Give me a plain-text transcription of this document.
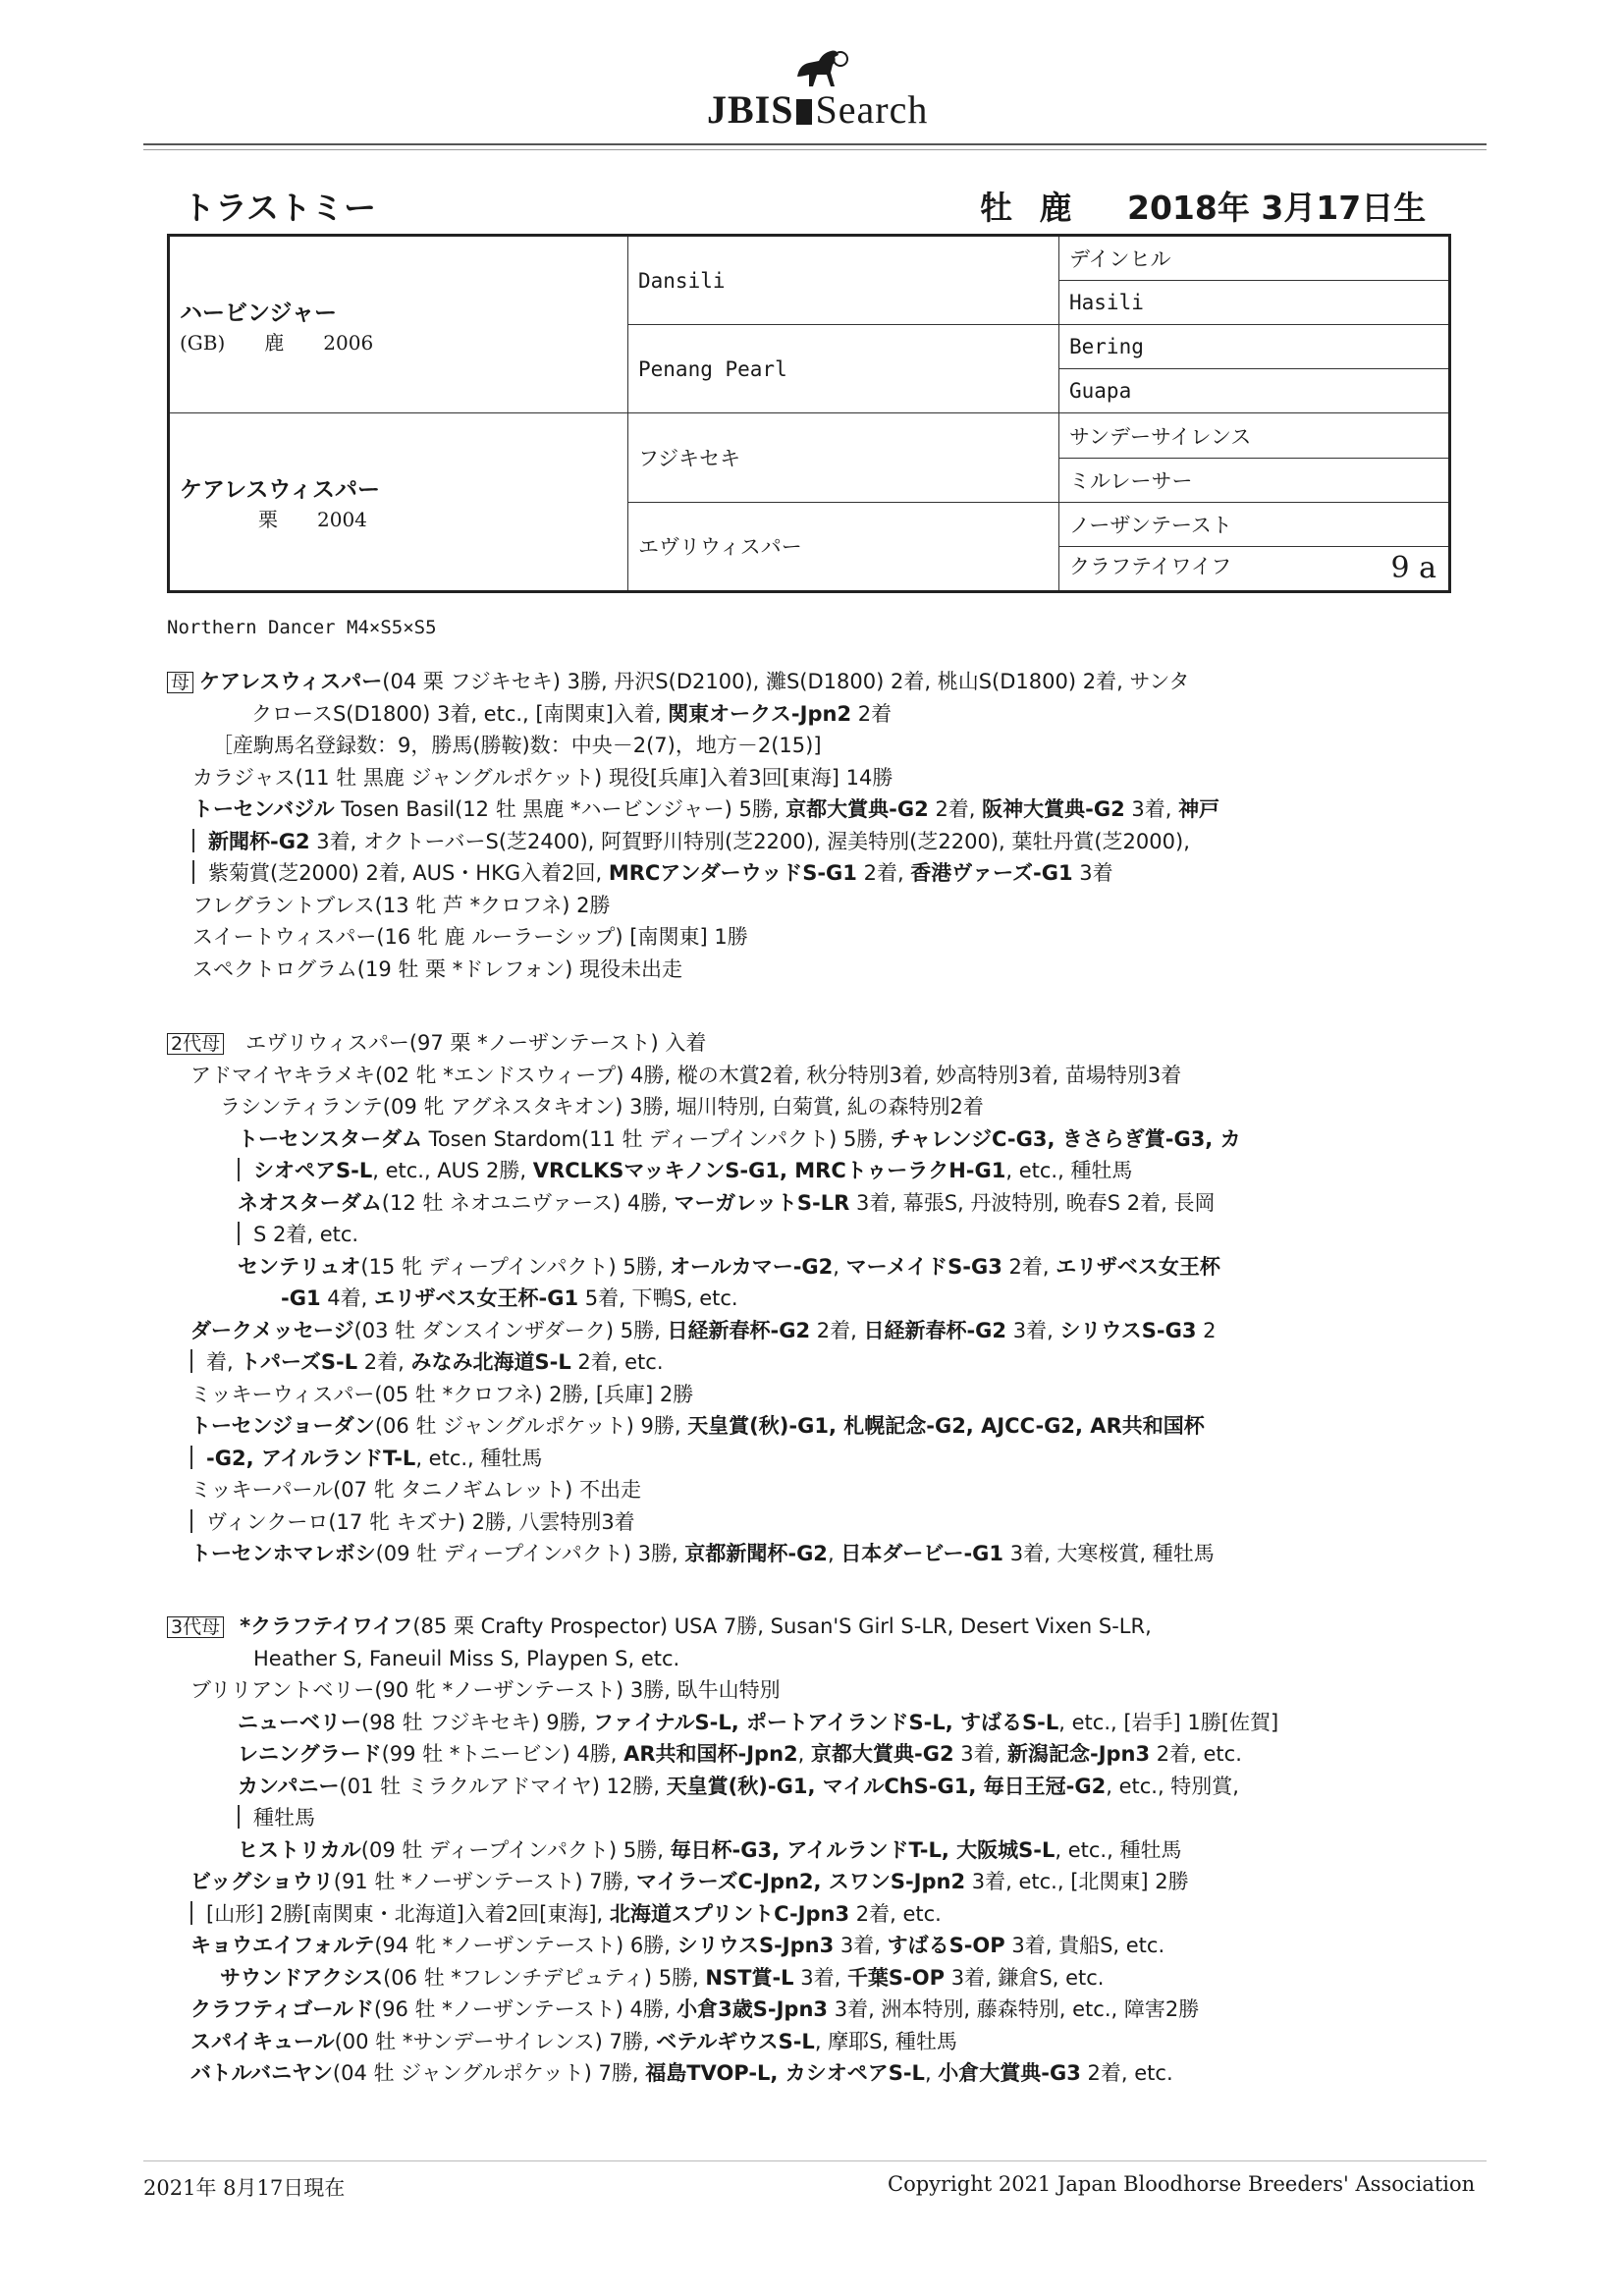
JBIS Search
トラストミー	牡 鹿 2018年 3月17日生
ハービンジャー
(GB)　　鹿　　2006	Dansili	デインヒル
		Hasili
	Penang Pearl	Bering
		Guapa

ケアレスウィスパー
　　　　栗　　2004	フジキセキ	サンデーサイレンス
		ミルレーサー
	エヴリウィスパー	ノーザンテースト
		クラフテイワイフ 9 a
Northern Dancer M4×S5×S5
母 ケアレスウィスパー(04 栗 フジキセキ) 3勝, 丹沢S(D2100), 灘S(D1800) 2着, 桃山S(D1800) 2着, サンタ
クロースS(D1800) 3着, etc., [南関東]入着, 関東オークス-Jpn2 2着
［産駒馬名登録数：9，勝馬(勝鞍)数：中央－2(7)，地方－2(15)]
カラジャス(11 牡 黒鹿 ジャングルポケット) 現役[兵庫]入着3回[東海] 14勝
トーセンバジル Tosen Basil(12 牡 黒鹿 *ハービンジャー) 5勝, 京都大賞典-G2 2着, 阪神大賞典-G2 3着, 神戸
新聞杯-G2 3着, オクトーバーS(芝2400), 阿賀野川特別(芝2200), 渥美特別(芝2200), 葉牡丹賞(芝2000),
紫菊賞(芝2000) 2着, AUS・HKG入着2回, MRCアンダーウッドS-G1 2着, 香港ヴァーズ-G1 3着
フレグラントブレス(13 牝 芦 *クロフネ) 2勝
スイートウィスパー(16 牝 鹿 ルーラーシップ) [南関東] 1勝
スペクトログラム(19 牡 栗 *ドレフォン) 現役未出走
2代母 エヴリウィスパー(97 栗 *ノーザンテースト) 入着
アドマイヤキラメキ(02 牝 *エンドスウィープ) 4勝, 樅の木賞2着, 秋分特別3着, 妙高特別3着, 苗場特別3着
ラシンティランテ(09 牝 アグネスタキオン) 3勝, 堀川特別, 白菊賞, 糺の森特別2着
トーセンスターダム Tosen Stardom(11 牡 ディープインパクト) 5勝, チャレンジC-G3, きさらぎ賞-G3, カ
シオペアS-L, etc., AUS 2勝, VRCLKSマッキノンS-G1, MRCトゥーラクH-G1, etc., 種牡馬
ネオスターダム(12 牡 ネオユニヴァース) 4勝, マーガレットS-LR 3着, 幕張S, 丹波特別, 晩春S 2着, 長岡
S 2着, etc.
センテリュオ(15 牝 ディープインパクト) 5勝, オールカマー-G2, マーメイドS-G3 2着, エリザベス女王杯
-G1 4着, エリザベス女王杯-G1 5着, 下鴨S, etc.
ダークメッセージ(03 牡 ダンスインザダーク) 5勝, 日経新春杯-G2 2着, 日経新春杯-G2 3着, シリウスS-G3 2
着, トパーズS-L 2着, みなみ北海道S-L 2着, etc.
ミッキーウィスパー(05 牡 *クロフネ) 2勝, [兵庫] 2勝
トーセンジョーダン(06 牡 ジャングルポケット) 9勝, 天皇賞(秋)-G1, 札幌記念-G2, AJCC-G2, AR共和国杯
-G2, アイルランドT-L, etc., 種牡馬
ミッキーパール(07 牝 タニノギムレット) 不出走
ヴィンクーロ(17 牝 キズナ) 2勝, 八雲特別3着
トーセンホマレボシ(09 牡 ディープインパクト) 3勝, 京都新聞杯-G2, 日本ダービー-G1 3着, 大寒桜賞, 種牡馬
3代母 *クラフテイワイフ(85 栗 Crafty Prospector) USA 7勝, Susan'S Girl S-LR, Desert Vixen S-LR,
Heather S, Faneuil Miss S, Playpen S, etc.
ブリリアントベリー(90 牝 *ノーザンテースト) 3勝, 臥牛山特別
ニューベリー(98 牡 フジキセキ) 9勝, ファイナルS-L, ポートアイランドS-L, すばるS-L, etc., [岩手] 1勝[佐賀]
レニングラード(99 牡 *トニービン) 4勝, AR共和国杯-Jpn2, 京都大賞典-G2 3着, 新潟記念-Jpn3 2着, etc.
カンパニー(01 牡 ミラクルアドマイヤ) 12勝, 天皇賞(秋)-G1, マイルChS-G1, 毎日王冠-G2, etc., 特別賞,
種牡馬
ヒストリカル(09 牡 ディープインパクト) 5勝, 毎日杯-G3, アイルランドT-L, 大阪城S-L, etc., 種牡馬
ビッグショウリ(91 牡 *ノーザンテースト) 7勝, マイラーズC-Jpn2, スワンS-Jpn2 3着, etc., [北関東] 2勝
[山形] 2勝[南関東・北海道]入着2回[東海], 北海道スプリントC-Jpn3 2着, etc.
キョウエイフォルテ(94 牝 *ノーザンテースト) 6勝, シリウスS-Jpn3 3着, すばるS-OP 3着, 貴船S, etc.
サウンドアクシス(06 牡 *フレンチデピュティ) 5勝, NST賞-L 3着, 千葉S-OP 3着, 鎌倉S, etc.
クラフティゴールド(96 牡 *ノーザンテースト) 4勝, 小倉3歳S-Jpn3 3着, 洲本特別, 藤森特別, etc., 障害2勝
スパイキュール(00 牡 *サンデーサイレンス) 7勝, ベテルギウスS-L, 摩耶S, 種牡馬
バトルバニヤン(04 牡 ジャングルポケット) 7勝, 福島TVOP-L, カシオペアS-L, 小倉大賞典-G3 2着, etc.
2021年 8月17日現在	Copyright 2021 Japan Bloodhorse Breeders' Association
